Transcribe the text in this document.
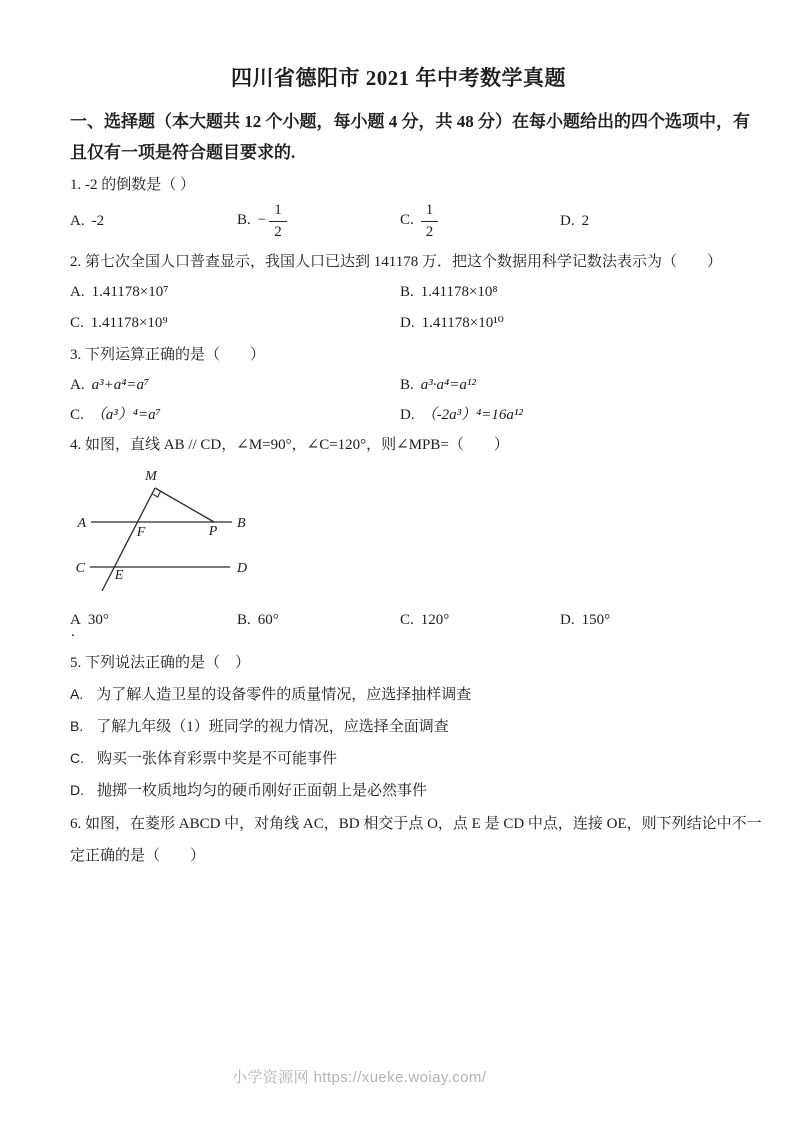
四川省德阳市 2021 年中考数学真题
一、选择题（本大题共 12 个小题，每小题 4 分，共 48 分）在每小题给出的四个选项中，有
且仅有一项是符合题目要求的.
1. -2 的倒数是（ ）
A. -2	B. − $\frac{1}{2}$	C. $\frac{1}{2}$	D. 2
2. 第七次全国人口普查显示，我国人口已达到 141178 万．把这个数据用科学记数法表示为（　　）
A. 1.41178×10⁷	B. 1.41178×10⁸
C. 1.41178×10⁹	D. 1.41178×10¹⁰
3. 下列运算正确的是（　　）
A. a³+a⁴=a⁷	B. a³·a⁴=a¹²
C. （a³）⁴=a⁷	D. （-2a³）⁴=16a¹²
4. 如图，直线 AB // CD，∠M=90°，∠C=120°，则∠MPB=（　　）
M
A	B
F	P
C E	D
A 30°	B. 60°	C. 120°	D. 150°
5. 下列说法正确的是（　）
A. 为了解人造卫星的设备零件的质量情况，应选择抽样调查
B. 了解九年级（1）班同学的视力情况，应选择全面调查
C. 购买一张体育彩票中奖是不可能事件
D. 抛掷一枚质地均匀的硬币刚好正面朝上是必然事件
6. 如图，在菱形 ABCD 中，对角线 AC，BD 相交于点 O，点 E 是 CD 中点，连接 OE，则下列结论中不一
定正确的是（　　）
.
小学资源网 https://xueke.woiay.com/
